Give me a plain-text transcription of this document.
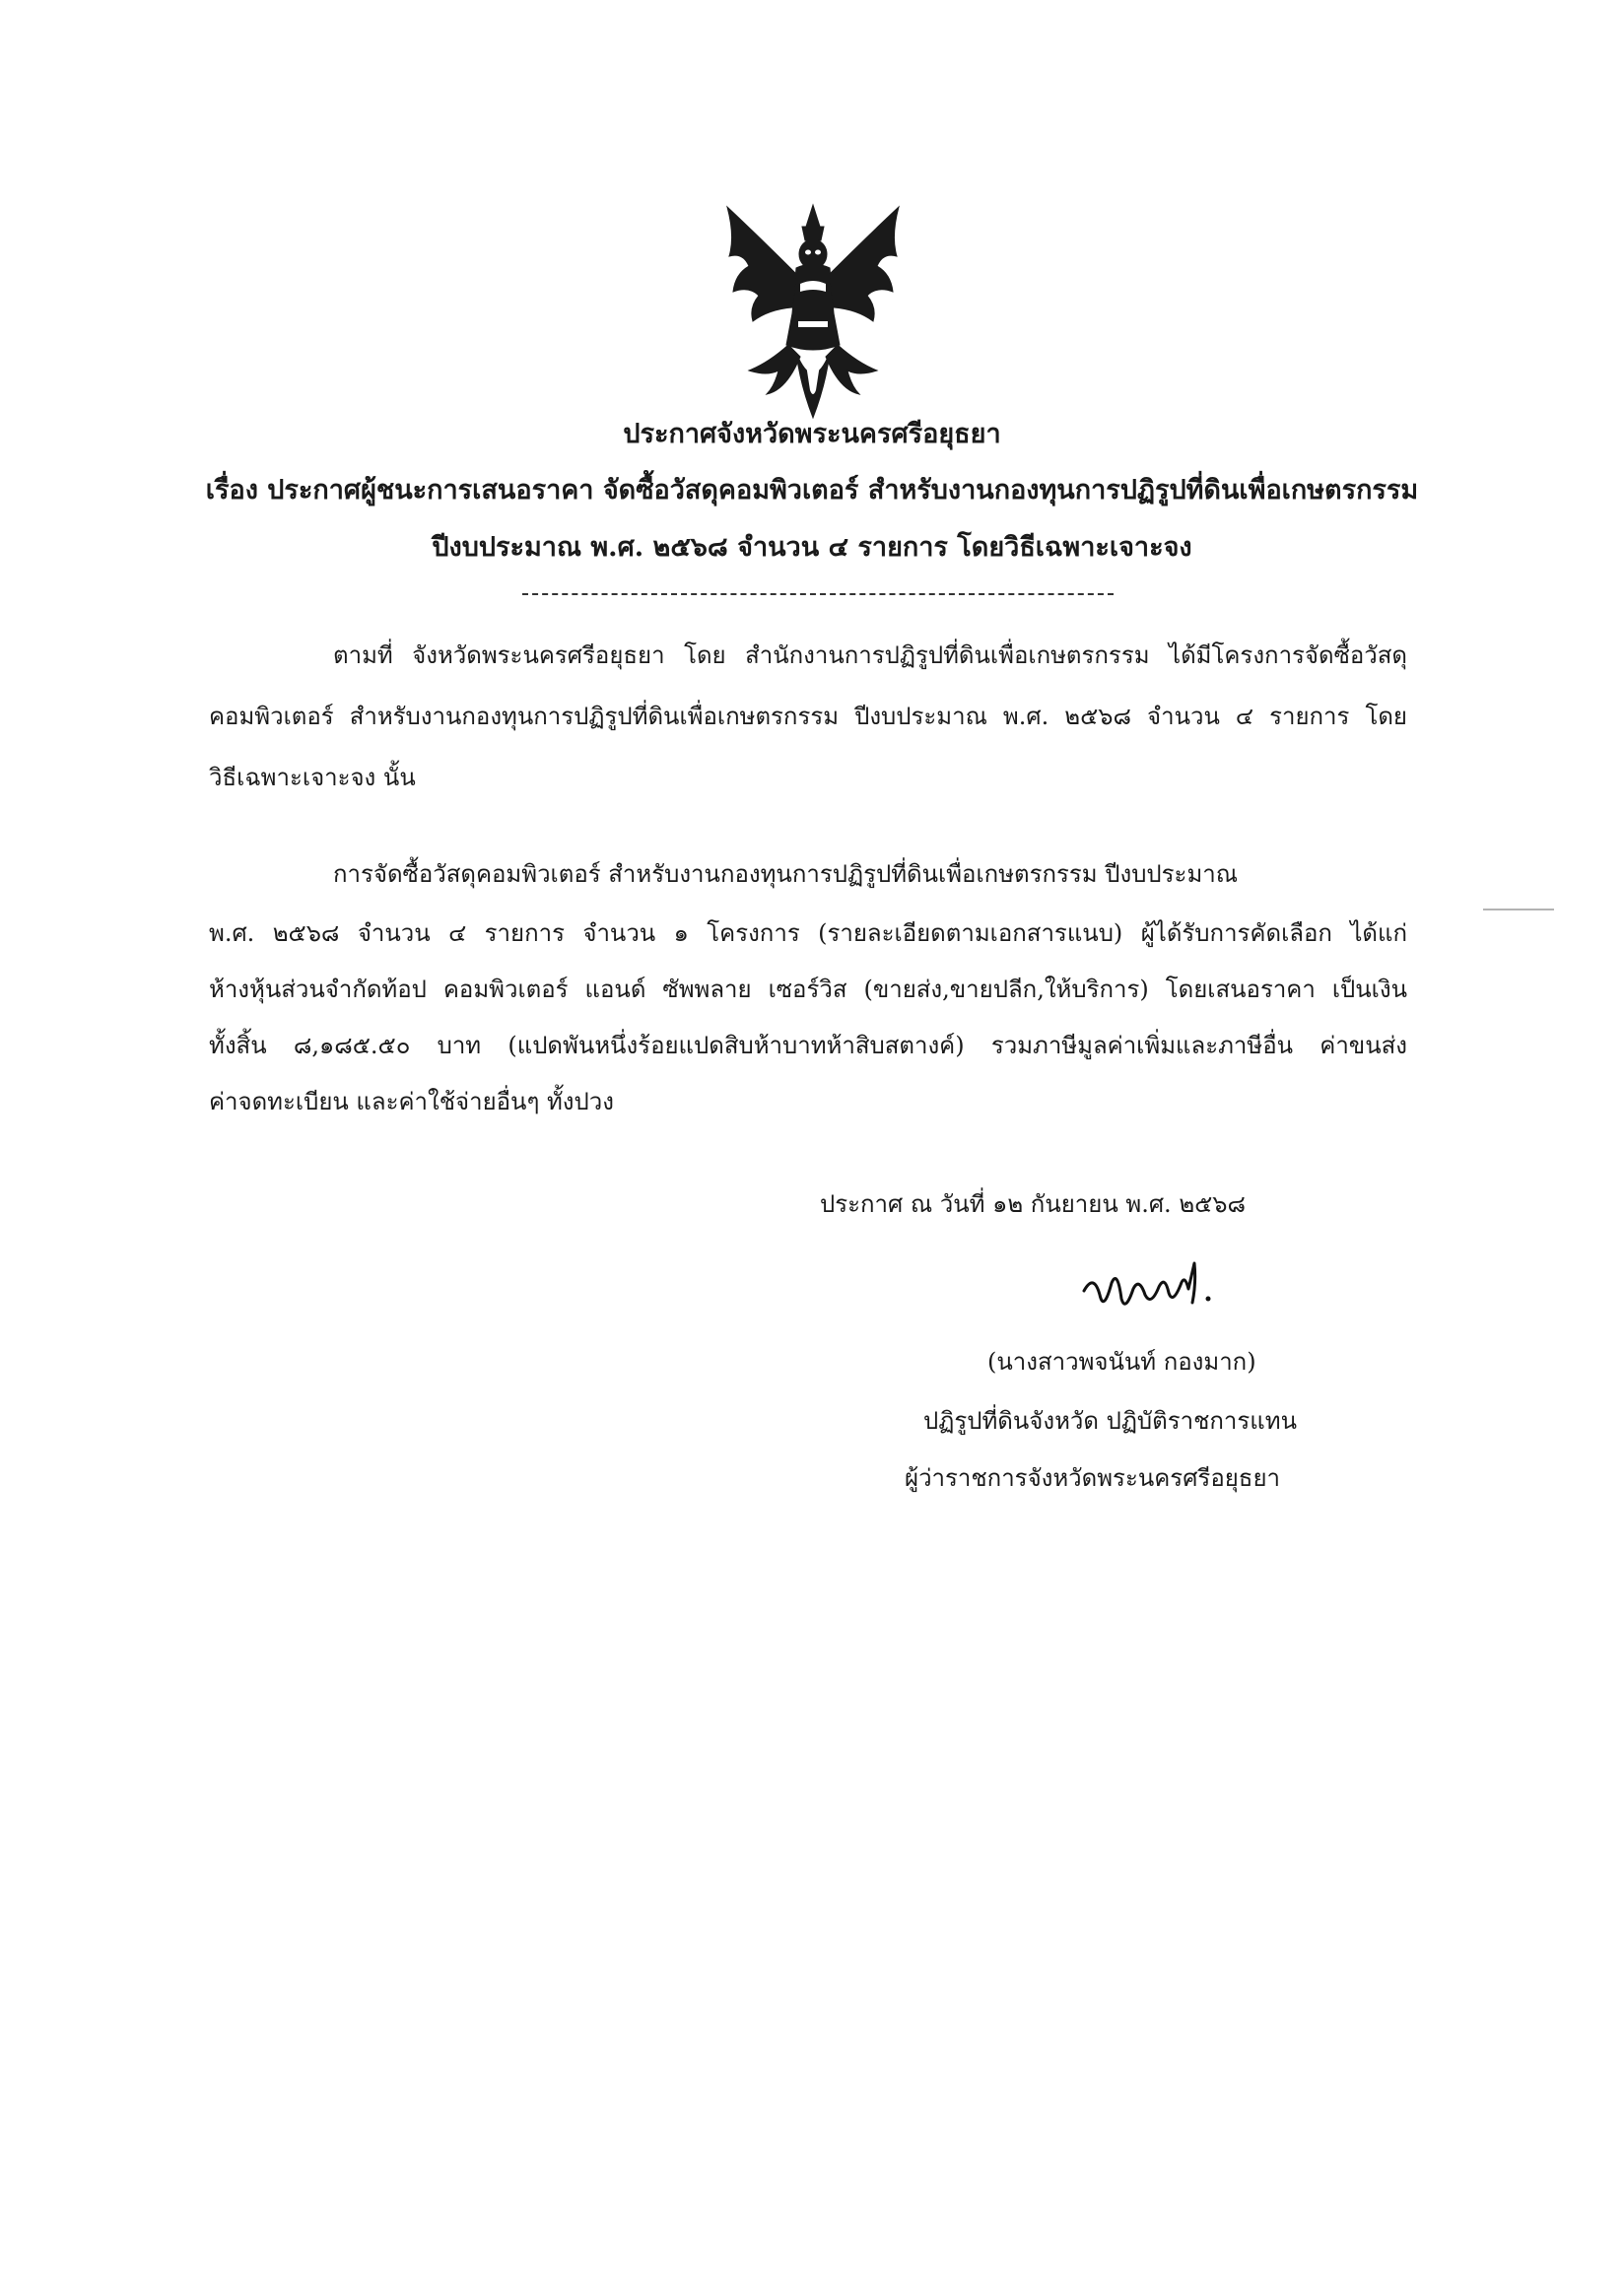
ประกาศจังหวัดพระนครศรีอยุธยา
เรื่อง ประกาศผู้ชนะการเสนอราคา จัดซื้อวัสดุคอมพิวเตอร์ สำหรับงานกองทุนการปฏิรูปที่ดินเพื่อเกษตรกรรม
ปีงบประมาณ พ.ศ. ๒๕๖๘ จำนวน ๔ รายการ โดยวิธีเฉพาะเจาะจง
ตามที่ จังหวัดพระนครศรีอยุธยา โดย สำนักงานการปฏิรูปที่ดินเพื่อเกษตรกรรม ได้มีโครงการจัดซื้อวัสดุ
คอมพิวเตอร์ สำหรับงานกองทุนการปฏิรูปที่ดินเพื่อเกษตรกรรม ปีงบประมาณ พ.ศ. ๒๕๖๘ จำนวน ๔ รายการ โดย
วิธีเฉพาะเจาะจง นั้น
การจัดซื้อวัสดุคอมพิวเตอร์ สำหรับงานกองทุนการปฏิรูปที่ดินเพื่อเกษตรกรรม ปีงบประมาณ
พ.ศ. ๒๕๖๘ จำนวน ๔ รายการ จำนวน ๑ โครงการ (รายละเอียดตามเอกสารแนบ) ผู้ได้รับการคัดเลือก ได้แก่
ห้างหุ้นส่วนจำกัดท้อป คอมพิวเตอร์ แอนด์ ซัพพลาย เซอร์วิส (ขายส่ง,ขายปลีก,ให้บริการ) โดยเสนอราคา เป็นเงิน
ทั้งสิ้น ๘,๑๘๕.๕๐ บาท (แปดพันหนึ่งร้อยแปดสิบห้าบาทห้าสิบสตางค์) รวมภาษีมูลค่าเพิ่มและภาษีอื่น ค่าขนส่ง
ค่าจดทะเบียน และค่าใช้จ่ายอื่นๆ ทั้งปวง
ประกาศ ณ วันที่ ๑๒ กันยายน พ.ศ. ๒๕๖๘
(นางสาวพจนันท์ กองมาก)
ปฏิรูปที่ดินจังหวัด ปฏิบัติราชการแทน
ผู้ว่าราชการจังหวัดพระนครศรีอยุธยา
